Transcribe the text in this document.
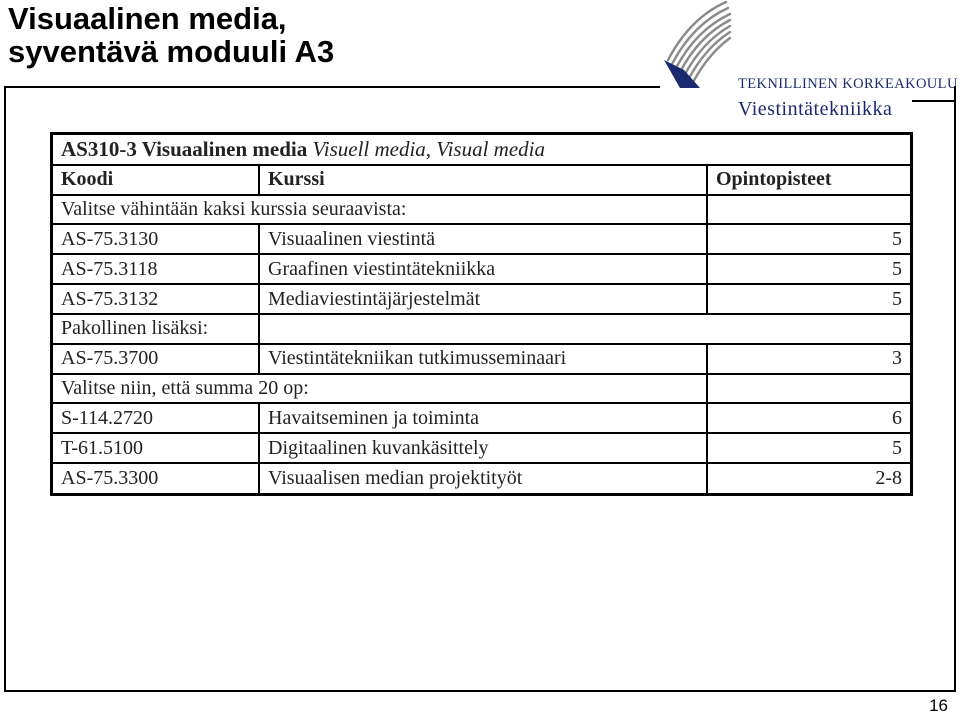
Visuaalinen media,
syventävä moduuli A3
TEKNILLINEN KORKEAKOULU
Viestintätekniikka
AS310-3 Visuaalinen media Visuell media, Visual media		
Koodi	Kurssi	Opintopisteet
Valitse vähintään kaksi kurssia seuraavista:		
AS-75.3130	Visuaalinen viestintä	5
AS-75.3118	Graafinen viestintätekniikka	5
AS-75.3132	Mediaviestintäjärjestelmät	5
Pakollinen lisäksi:		
AS-75.3700	Viestintätekniikan tutkimusseminaari	3
Valitse niin, että summa 20 op:		
S-114.2720	Havaitseminen ja toiminta	6
T-61.5100	Digitaalinen kuvankäsittely	5
AS-75.3300	Visuaalisen median projektityöt	2-8
16
